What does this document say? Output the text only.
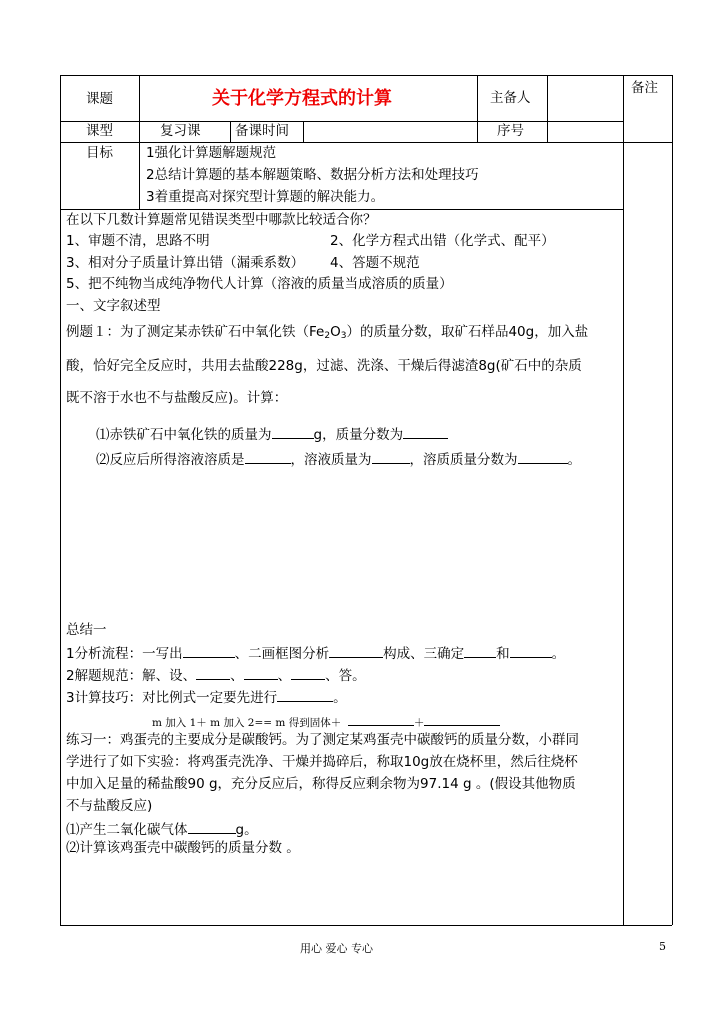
课题	关于化学方程式的计算	主备人
备注
课型	复习课	备课时间	序号
目标 1强化计算题解题规范
2总结计算题的基本解题策略、数据分析方法和处理技巧
3着重提高对探究型计算题的解决能力。
在以下几数计算题常见错误类型中哪款比较适合你？
1、审题不清，思路不明	2、化学方程式出错（化学式、配平）
3、相对分子质量计算出错（漏乘系数） 4、答题不规范
5、把不纯物当成纯净物代人计算（溶液的质量当成溶质的质量）
一、文字叙述型
例题１：为了测定某赤铁矿石中氧化铁$(Fe_2O_3)$的质量分数，取矿石样品40g，加入盐
酸，恰好完全反应时，共用去盐酸228g，过滤、洗涤、干燥后得滤渣8g(矿石中的杂质
既不溶于水也不与盐酸反应)。计算：
⑴赤铁矿石中氧化铁的质量为	g，质量分数为
⑵反应后所得溶液溶质是	，溶液质量为	，溶质质量分数为	。
总结一
1分析流程：一写出	、二画框图分析	构成、三确定 和	。
2解题规范：解、设、	、	、	、答。
3计算技巧：对比例式一定要先进行	。
m 加入 1＋ m 加入 2== m 得到固体＋	＋
练习一：鸡蛋壳的主要成分是碳酸钙。为了测定某鸡蛋壳中碳酸钙的质量分数，小群同
学进行了如下实验：将鸡蛋壳洗净、干燥并捣碎后，称取10g放在烧杯里，然后往烧杯
中加入足量的稀盐酸90 g，充分反应后，称得反应剩余物为97.14 g 。(假设其他物质
不与盐酸反应)
⑴产生二氧化碳气体	g。
⑵计算该鸡蛋壳中碳酸钙的质量分数 。
用心 爱心 专心	5
